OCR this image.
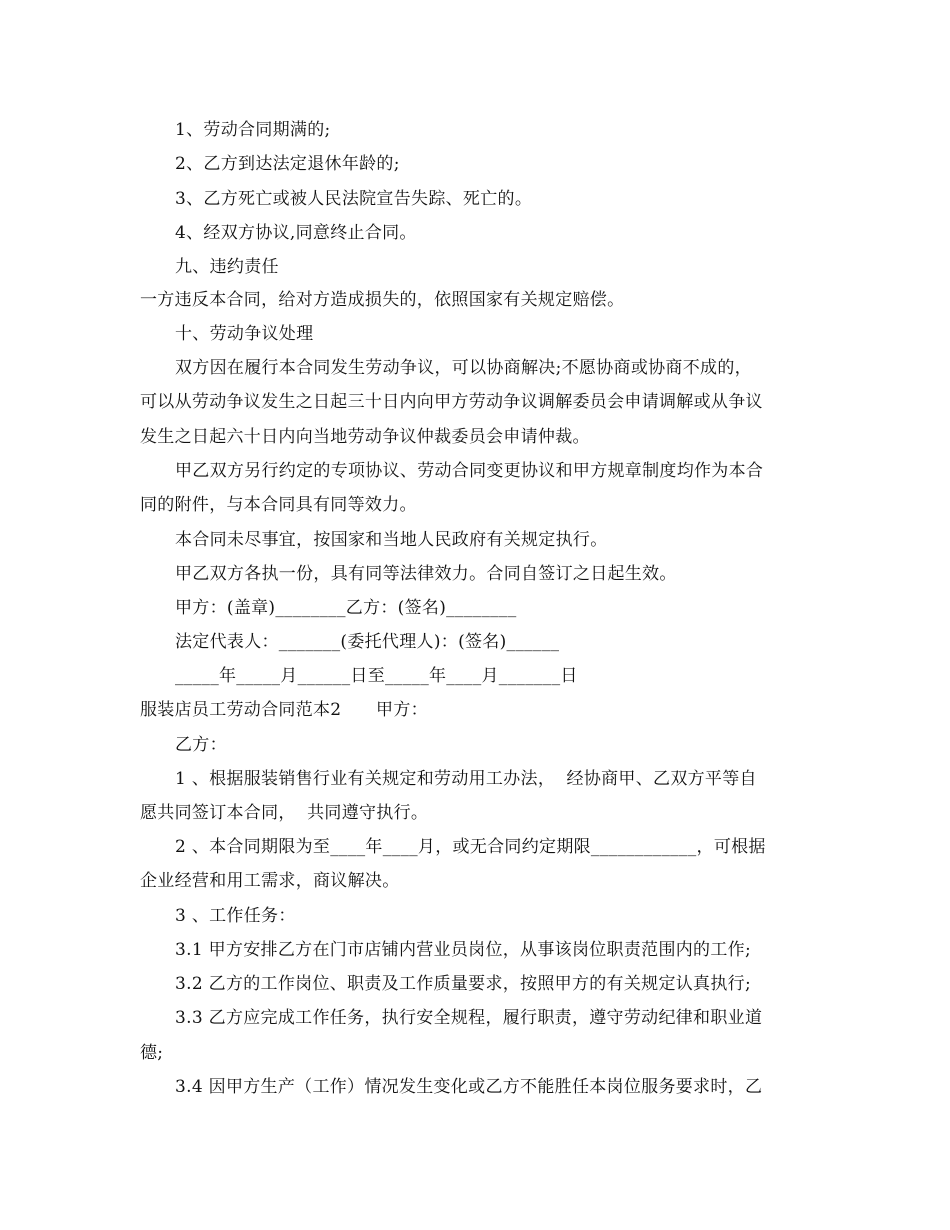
1、劳动合同期满的;
2、乙方到达法定退休年龄的;
3、乙方死亡或被人民法院宣告失踪、死亡的。
4、经双方协议,同意终止合同。
九、违约责任
一方违反本合同，给对方造成损失的，依照国家有关规定赔偿。
十、劳动争议处理
双方因在履行本合同发生劳动争议，可以协商解决;不愿协商或协商不成的，
可以从劳动争议发生之日起三十日内向甲方劳动争议调解委员会申请调解或从争议
发生之日起六十日内向当地劳动争议仲裁委员会申请仲裁。
甲乙双方另行约定的专项协议、劳动合同变更协议和甲方规章制度均作为本合
同的附件，与本合同具有同等效力。
本合同未尽事宜，按国家和当地人民政府有关规定执行。
甲乙双方各执一份，具有同等法律效力。合同自签订之日起生效。
甲方：(盖章)________乙方：(签名)________
法定代表人：_______(委托代理人)：(签名)______
_____年_____月______日至_____年____月_______日
服装店员工劳动合同范本2　　甲方：
乙方：
1 、根据服装销售行业有关规定和劳动用工办法，  经协商甲、乙双方平等自
愿共同签订本合同，  共同遵守执行。
2 、本合同期限为至____年____月，或无合同约定期限____________，可根据
企业经营和用工需求，商议解决。
3 、工作任务：
3.1 甲方安排乙方在门市店铺内营业员岗位，从事该岗位职责范围内的工作;
3.2 乙方的工作岗位、职责及工作质量要求，按照甲方的有关规定认真执行;
3.3 乙方应完成工作任务，执行安全规程，履行职责，遵守劳动纪律和职业道
德;
3.4 因甲方生产（工作）情况发生变化或乙方不能胜任本岗位服务要求时，乙
